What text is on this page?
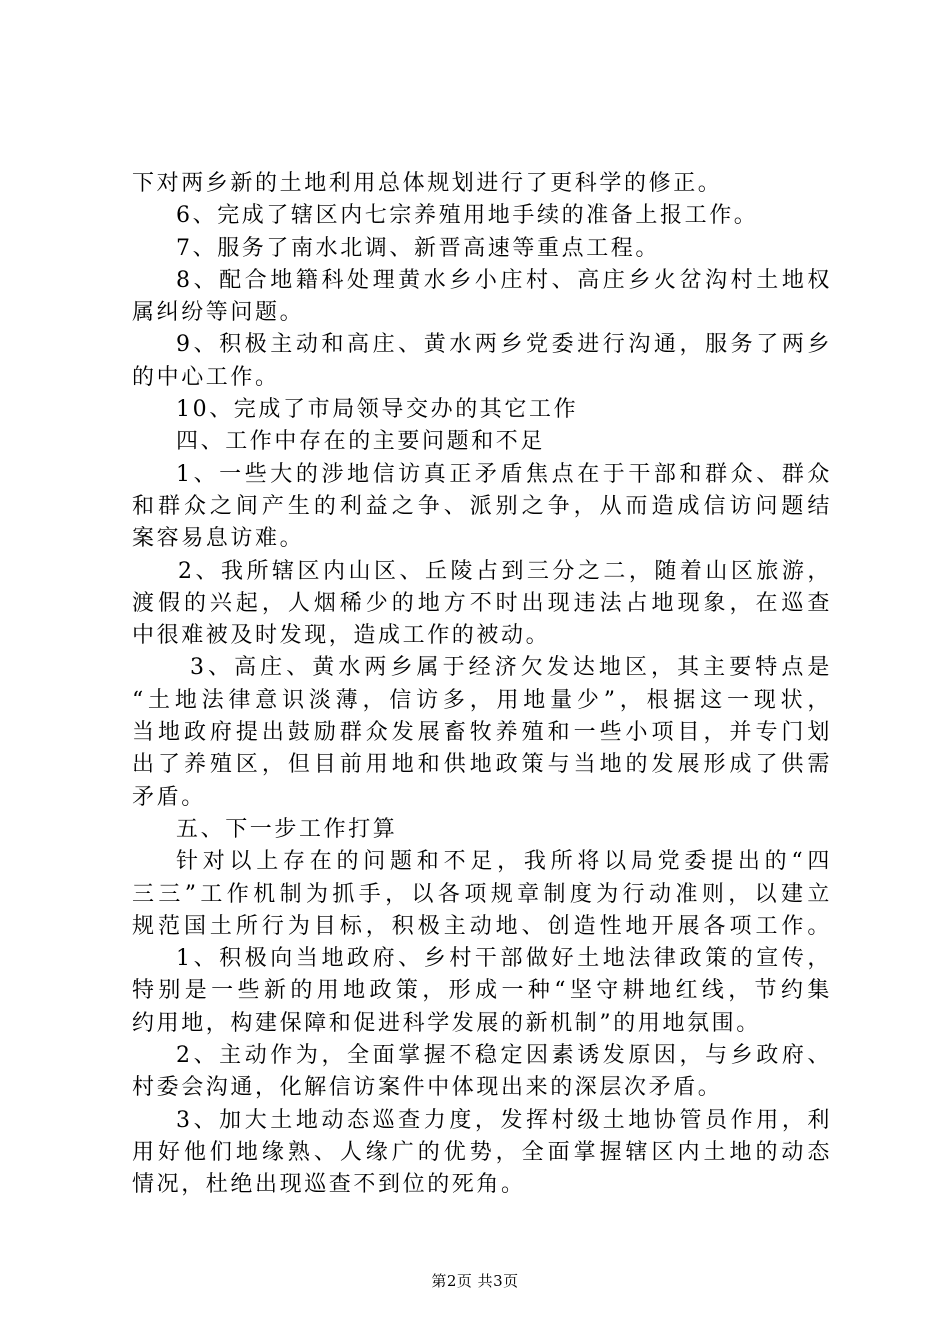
下对两乡新的土地利用总体规划进行了更科学的修正。
6、完成了辖区内七宗养殖用地手续的准备上报工作。
7、服务了南水北调、新晋高速等重点工程。
8、配合地籍科处理黄水乡小庄村、高庄乡火岔沟村土地权
属纠纷等问题。
9、积极主动和高庄、黄水两乡党委进行沟通，服务了两乡
的中心工作。
10、完成了市局领导交办的其它工作
四、工作中存在的主要问题和不足
1、一些大的涉地信访真正矛盾焦点在于干部和群众、群众
和群众之间产生的利益之争、派别之争，从而造成信访问题结
案容易息访难。
2、我所辖区内山区、丘陵占到三分之二，随着山区旅游，
渡假的兴起，人烟稀少的地方不时出现违法占地现象，在巡查
中很难被及时发现，造成工作的被动。
3、高庄、黄水两乡属于经济欠发达地区，其主要特点是
“土地法律意识淡薄，信访多，用地量少”，根据这一现状，
当地政府提出鼓励群众发展畜牧养殖和一些小项目，并专门划
出了养殖区，但目前用地和供地政策与当地的发展形成了供需
矛盾。
五、下一步工作打算
针对以上存在的问题和不足，我所将以局党委提出的“四
三三”工作机制为抓手，以各项规章制度为行动准则，以建立
规范国土所行为目标，积极主动地、创造性地开展各项工作。
1、积极向当地政府、乡村干部做好土地法律政策的宣传，
特别是一些新的用地政策，形成一种“坚守耕地红线，节约集
约用地，构建保障和促进科学发展的新机制”的用地氛围。
2、主动作为，全面掌握不稳定因素诱发原因，与乡政府、
村委会沟通，化解信访案件中体现出来的深层次矛盾。
3、加大土地动态巡查力度，发挥村级土地协管员作用，利
用好他们地缘熟、人缘广的优势，全面掌握辖区内土地的动态
情况，杜绝出现巡查不到位的死角。
第2页 共3页
